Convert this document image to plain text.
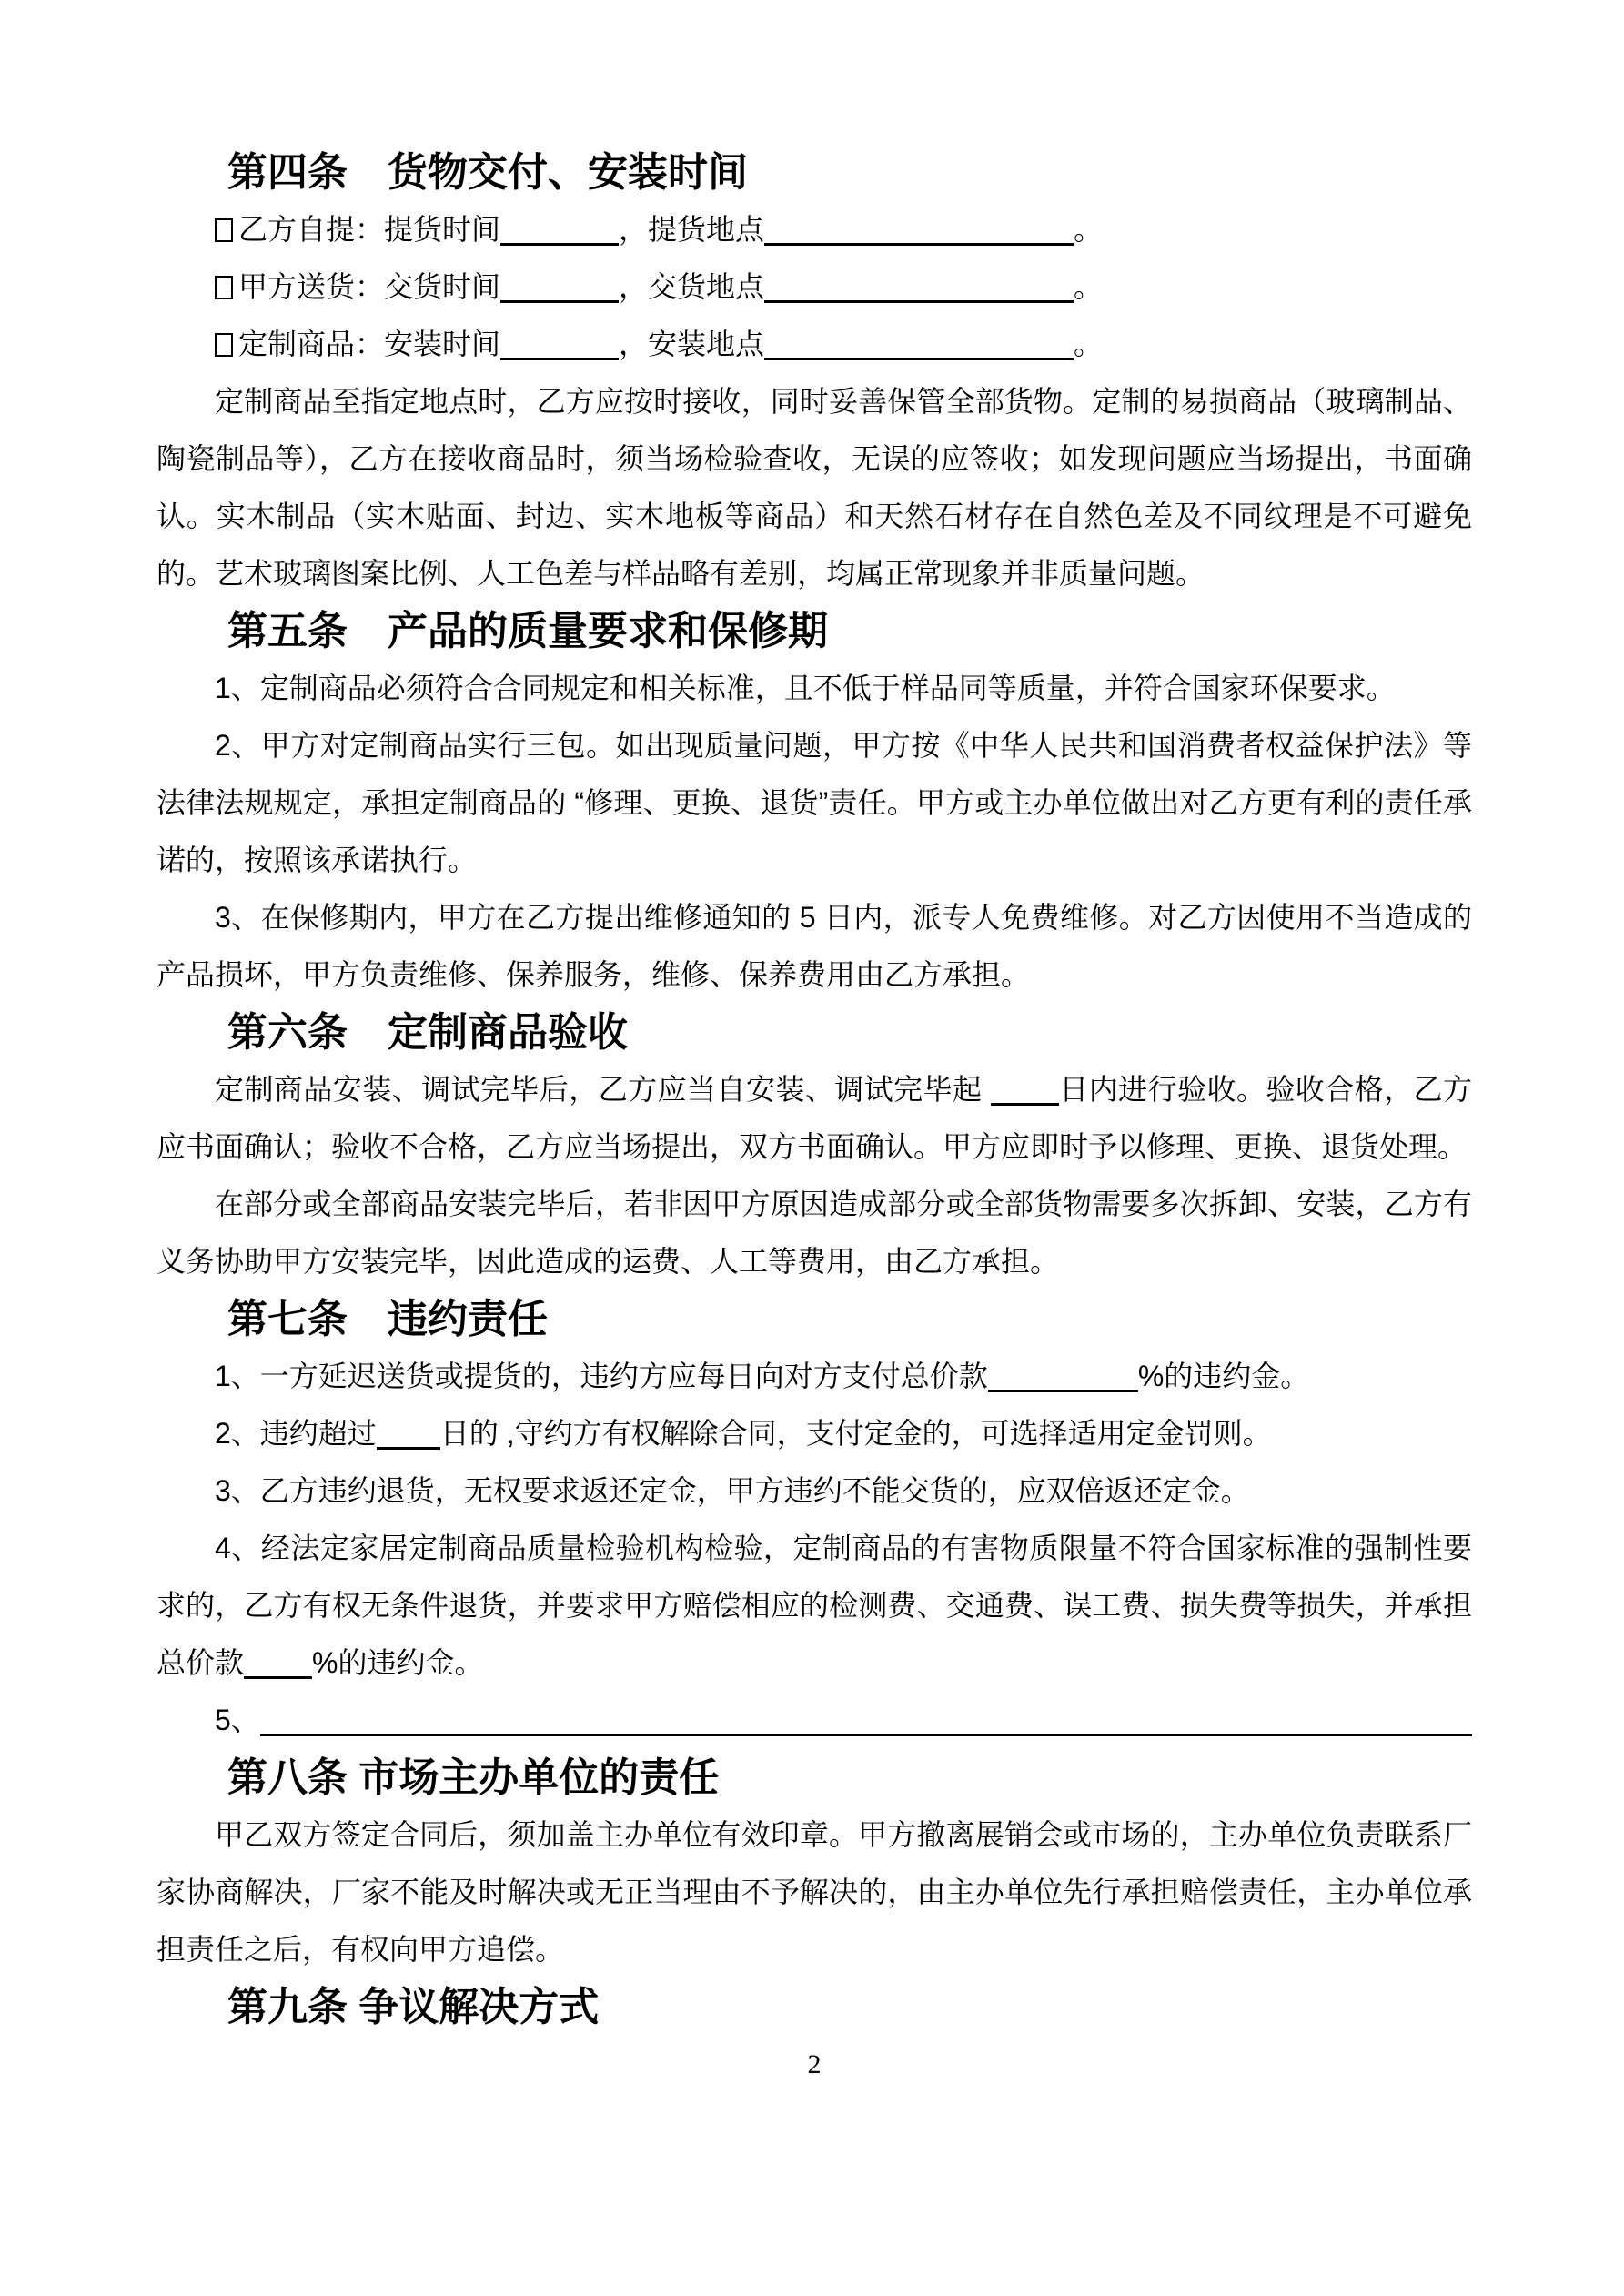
第四条　货物交付、安装时间

乙方自提：提货时间	，提货地点	。

甲方送货：交货时间	，交货地点	。

定制商品：安装时间	，安装地点	。

定制商品至指定地点时，乙方应按时接收，同时妥善保管全部货物。定制的易损商品（玻璃制品、陶瓷制品等），乙方在接收商品时，须当场检验查收，无误的应签收；如发现问题应当场提出，书面确认。实木制品（实木贴面、封边、实木地板等商品）和天然石材存在自然色差及不同纹理是不可避免的。艺术玻璃图案比例、人工色差与样品略有差别，均属正常现象并非质量问题。

第五条　产品的质量要求和保修期

1、定制商品必须符合合同规定和相关标准，且不低于样品同等质量，并符合国家环保要求。

2、甲方对定制商品实行三包。如出现质量问题，甲方按《中华人民共和国消费者权益保护法》等法律法规规定，承担定制商品的 “修理、更换、退货”责任。甲方或主办单位做出对乙方更有利的责任承诺的，按照该承诺执行。

3、在保修期内，甲方在乙方提出维修通知的 5 日内，派专人免费维修。对乙方因使用不当造成的产品损坏，甲方负责维修、保养服务，维修、保养费用由乙方承担。

第六条　定制商品验收

定制商品安装、调试完毕后，乙方应当自安装、调试完毕起 日内进行验收。验收合格，乙方应书面确认；验收不合格，乙方应当场提出，双方书面确认。甲方应即时予以修理、更换、退货处理。

在部分或全部商品安装完毕后，若非因甲方原因造成部分或全部货物需要多次拆卸、安装，乙方有义务协助甲方安装完毕，因此造成的运费、人工等费用，由乙方承担。

第七条　违约责任

1、一方延迟送货或提货的，违约方应每日向对方支付总价款	%的违约金。

2、违约超过 日的 ,守约方有权解除合同，支付定金的，可选择适用定金罚则。

3、乙方违约退货，无权要求返还定金，甲方违约不能交货的，应双倍返还定金。

4、经法定家居定制商品质量检验机构检验，定制商品的有害物质限量不符合国家标准的强制性要求的，乙方有权无条件退货，并要求甲方赔偿相应的检测费、交通费、误工费、损失费等损失，并承担总价款 %的违约金。

5、

第八条 市场主办单位的责任

甲乙双方签定合同后，须加盖主办单位有效印章。甲方撤离展销会或市场的，主办单位负责联系厂家协商解决，厂家不能及时解决或无正当理由不予解决的，由主办单位先行承担赔偿责任，主办单位承担责任之后，有权向甲方追偿。

第九条 争议解决方式
2
